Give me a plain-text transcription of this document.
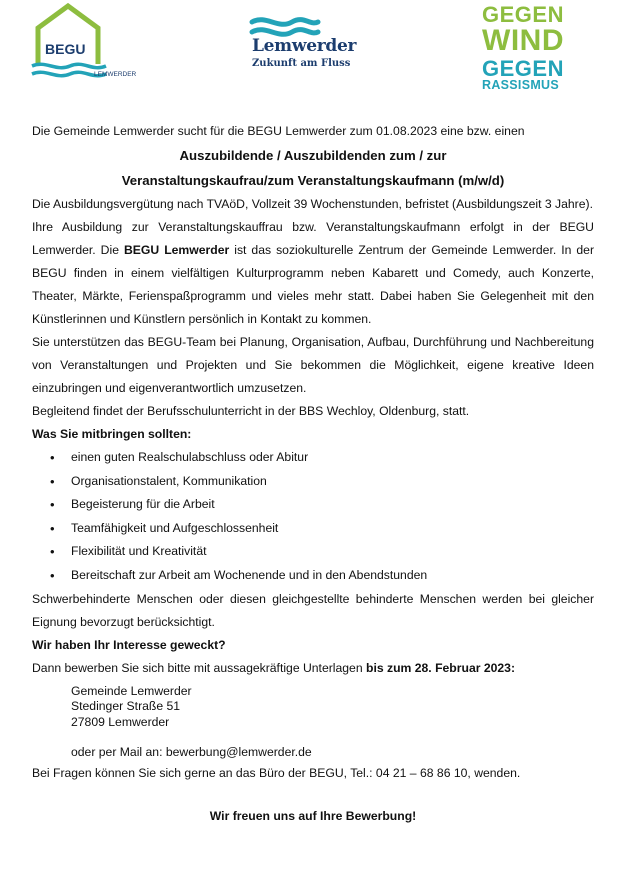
BEGU
LEMWERDER
Lemwerder
Zukunft am Fluss
GEGEN
WIND
GEGEN
RASSISMUS

Die Gemeinde Lemwerder sucht für die BEGU Lemwerder zum 01.08.2023 eine bzw. einen

Auszubildende / Auszubildenden zum / zur

Veranstaltungskaufrau/zum Veranstaltungskaufmann (m/w/d)

Die Ausbildungsvergütung nach TVAöD, Vollzeit 39 Wochenstunden, befristet (Ausbildungszeit 3 Jahre).

Ihre Ausbildung zur Veranstaltungskauffrau bzw. Veranstaltungskaufmann erfolgt in der BEGU Lemwerder. Die BEGU Lemwerder ist das soziokulturelle Zentrum der Gemeinde Lemwerder. In der BEGU finden in einem vielfältigen Kulturprogramm neben Kabarett und Comedy, auch Konzerte, Theater, Märkte, Ferienspaßprogramm und vieles mehr statt. Dabei haben Sie Gelegenheit mit den Künstlerinnen und Künstlern persönlich in Kontakt zu kommen.

Sie unterstützen das BEGU-Team bei Planung, Organisation, Aufbau, Durchführung und Nachbereitung von Veranstaltungen und Projekten und Sie bekommen die Möglichkeit, eigene kreative Ideen einzubringen und eigenverantwortlich umzusetzen.

Begleitend findet der Berufsschulunterricht in der BBS Wechloy, Oldenburg, statt.

Was Sie mitbringen sollten:

• einen guten Realschulabschluss oder Abitur
• Organisationstalent, Kommunikation
• Begeisterung für die Arbeit
• Teamfähigkeit und Aufgeschlossenheit
• Flexibilität und Kreativität
• Bereitschaft zur Arbeit am Wochenende und in den Abendstunden

Schwerbehinderte Menschen oder diesen gleichgestellte behinderte Menschen werden bei gleicher Eignung bevorzugt berücksichtigt.

Wir haben Ihr Interesse geweckt?

Dann bewerben Sie sich bitte mit aussagekräftige Unterlagen bis zum 28. Februar 2023:

Gemeinde Lemwerder
Stedinger Straße 51
27809 Lemwerder
oder per Mail an: bewerbung@lemwerder.de

Bei Fragen können Sie sich gerne an das Büro der BEGU, Tel.: 04 21 – 68 86 10, wenden.

Wir freuen uns auf Ihre Bewerbung!
